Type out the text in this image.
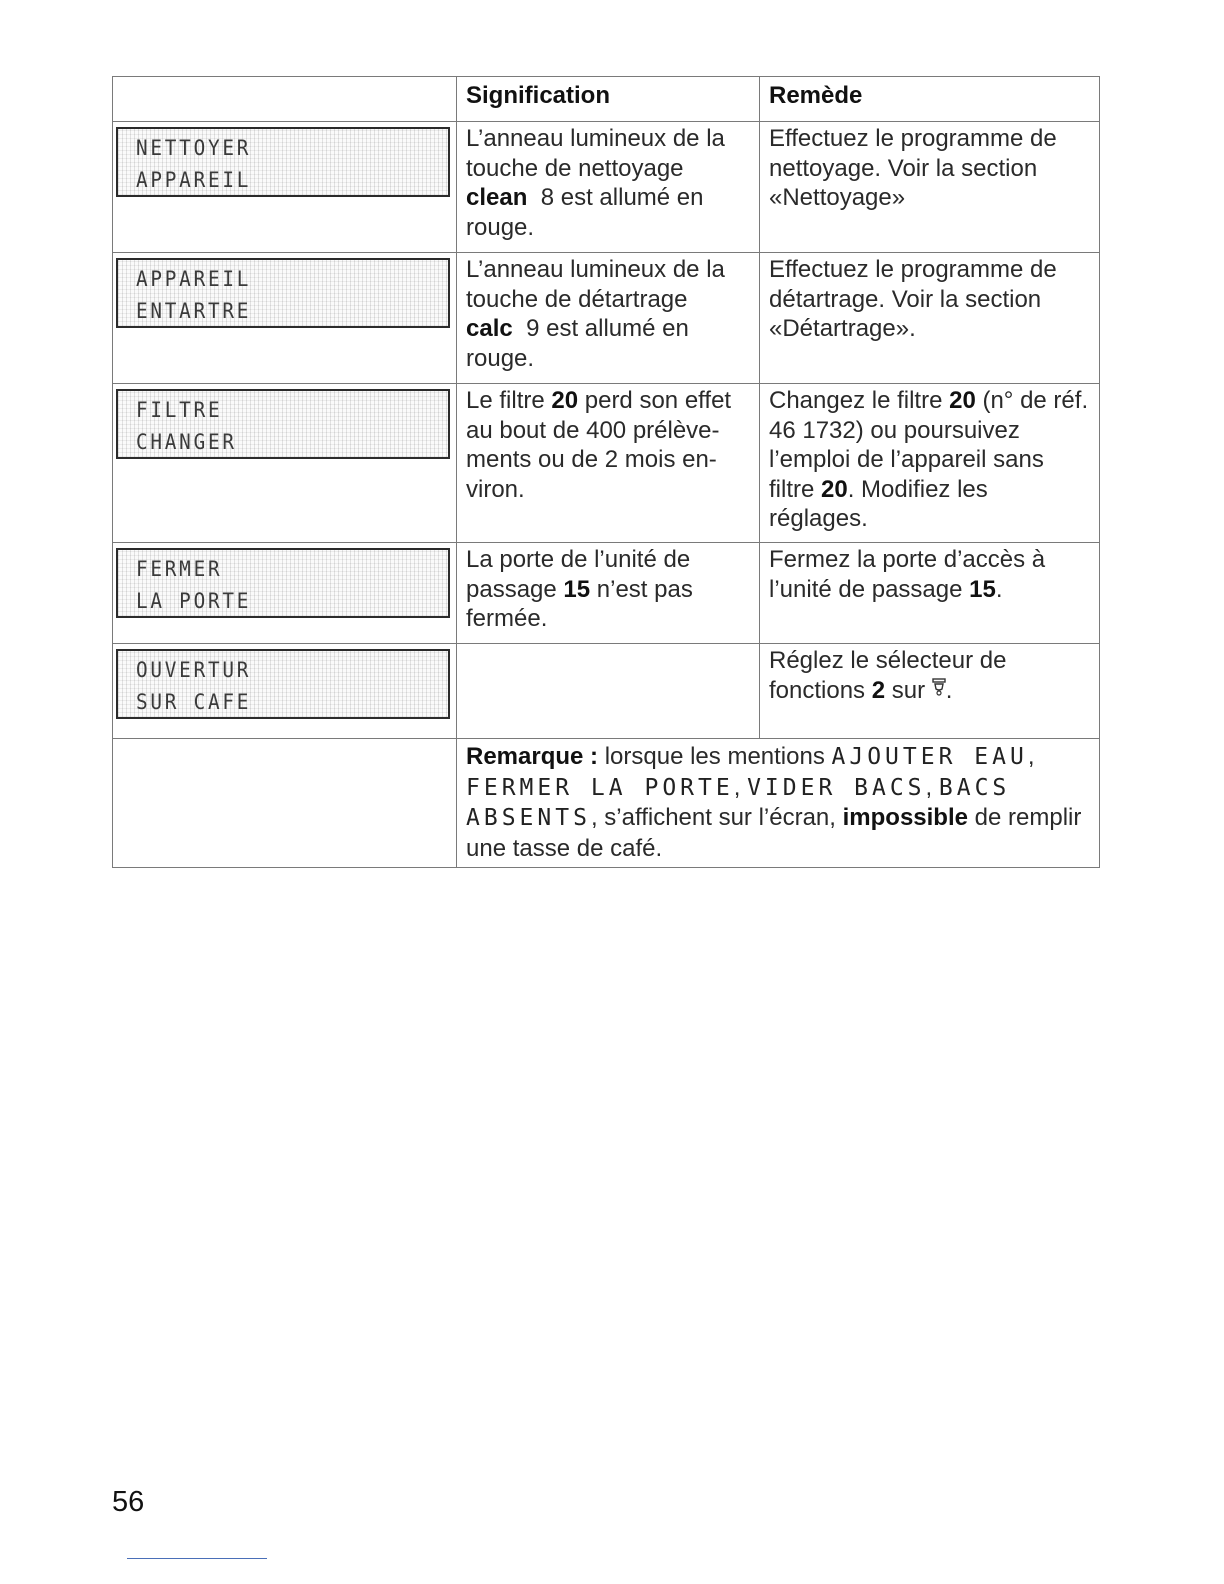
	Signification	Remède

NETTOYER
APPAREIL	L’anneau lumineux de la touche de nettoyage clean 8 est allumé en rouge.	Effectuez le programme de nettoyage. Voir la section «Nettoyage»

APPAREIL
ENTARTRE	L’anneau lumineux de la touche de détartrage calc 9 est allumé en rouge.	Effectuez le programme de détartrage. Voir la section «Détartrage».

FILTRE
CHANGER	Le filtre 20 perd son effet au bout de 400 prélève-ments ou de 2 mois en-viron.	Changez le filtre 20 (n° de réf. 46 1732) ou poursuivez l’emploi de l’appareil sans filtre 20. Modifiez les réglages.

FERMER
LA PORTE	La porte de l’unité de passage 15 n’est pas fermée.	Fermez la porte d’accès à l’unité de passage 15.

OUVERTUR
SUR CAFE		Réglez le sélecteur de fonctions 2 sur .
	Remarque : lorsque les mentions AJOUTER EAU, FERMER LA PORTE, VIDER BACS, BACS ABSENTS, s’affichent sur l’écran, impossible de remplir une tasse de café.	
56
